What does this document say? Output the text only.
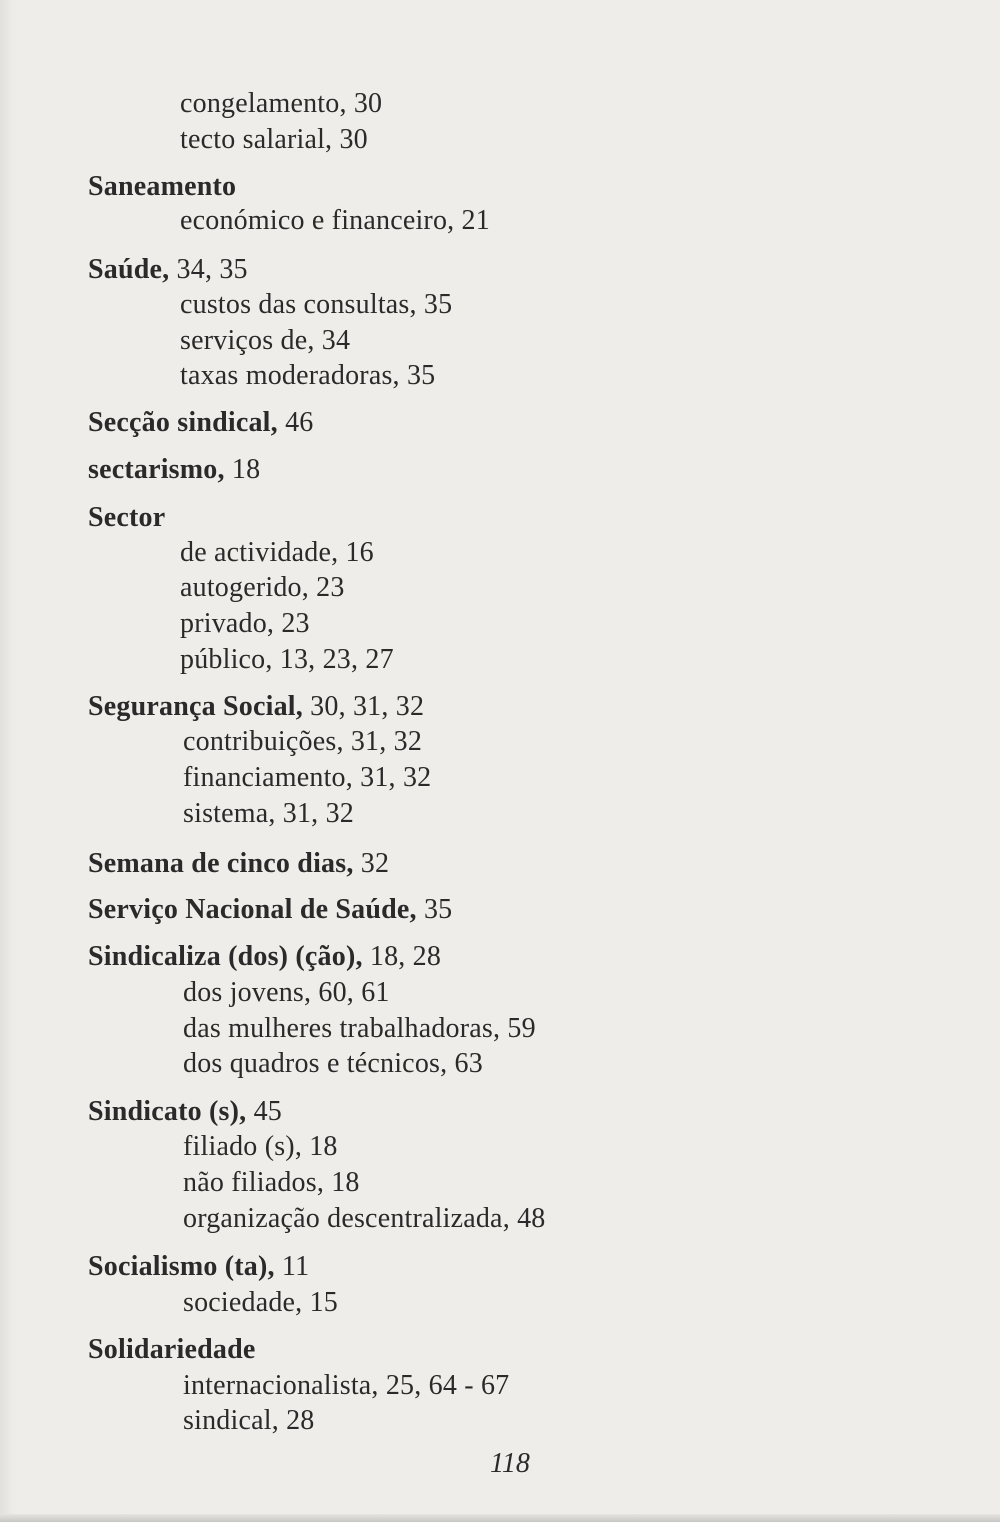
congelamento, 30
tecto salarial, 30
Saneamento
económico e financeiro, 21
Saúde, 34, 35
custos das consultas, 35
serviços de, 34
taxas moderadoras, 35
Secção sindical, 46
sectarismo, 18
Sector
de actividade, 16
autogerido, 23
privado, 23
público, 13, 23, 27
Segurança Social, 30, 31, 32
contribuições, 31, 32
financiamento, 31, 32
sistema, 31, 32
Semana de cinco dias, 32
Serviço Nacional de Saúde, 35
Sindicaliza (dos) (ção), 18, 28
dos jovens, 60, 61
das mulheres trabalhadoras, 59
dos quadros e técnicos, 63
Sindicato (s), 45
filiado (s), 18
não filiados, 18
organização descentralizada, 48
Socialismo (ta), 11
sociedade, 15
Solidariedade
internacionalista, 25, 64 - 67
sindical, 28
118
